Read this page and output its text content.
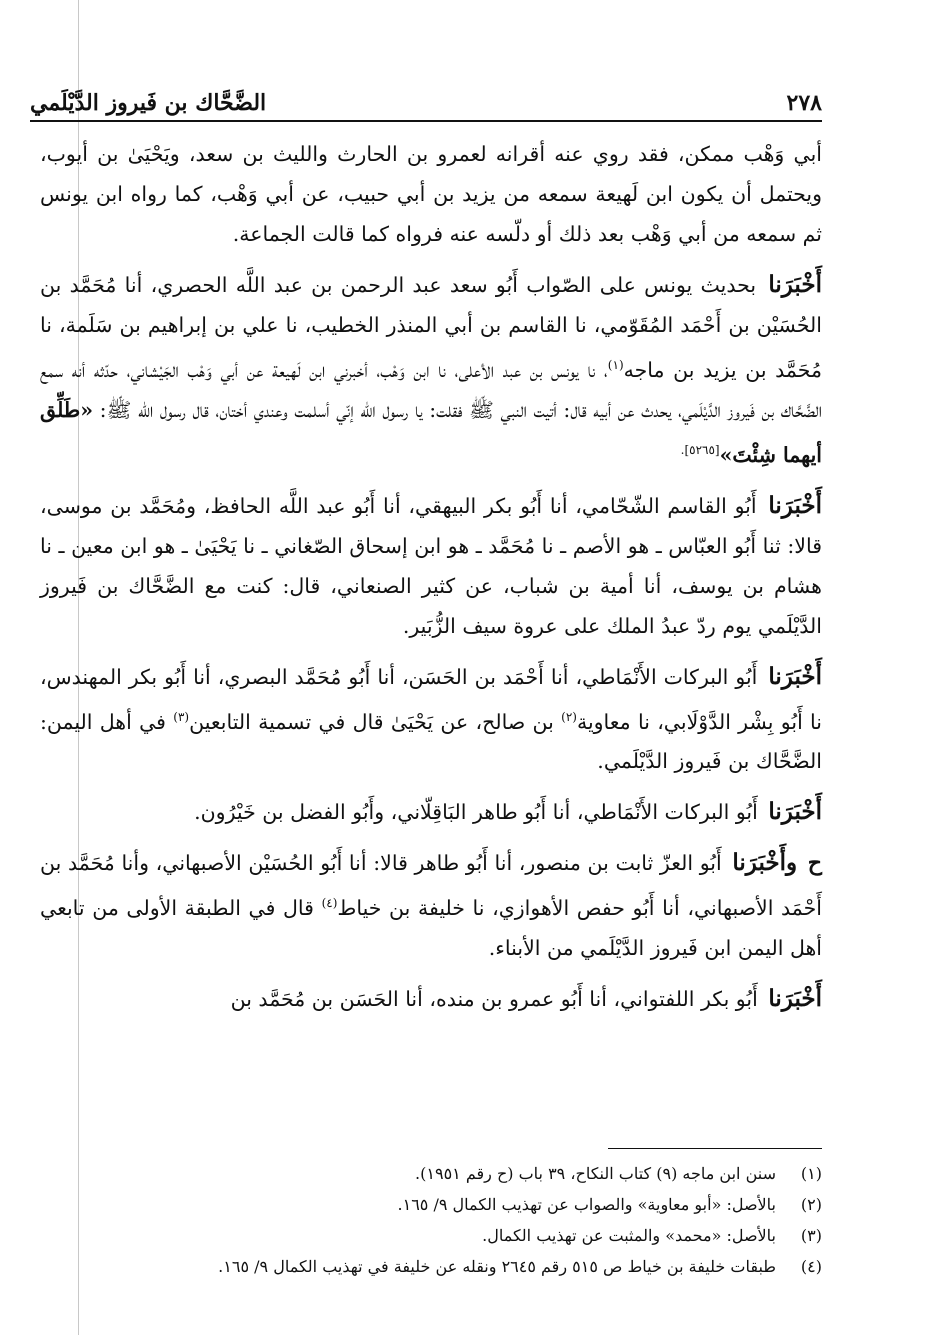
الضَّحَّاك بن فَيروز الدَّيْلَمي	٢٧٨

أبي وَهْب ممكن، فقد روي عنه أقرانه لعمرو بن الحارث والليث بن سعد، ويَحْيَىٰ بن أيوب، ويحتمل أن يكون ابن لَهيعة سمعه من يزيد بن أبي حبيب، عن أبي وَهْب، كما رواه ابن يونس ثم سمعه من أبي وَهْب بعد ذلك أو دلّسه عنه فرواه كما قالت الجماعة.

أَخْبَرَنا بحديث يونس على الصّواب أَبُو سعد عبد الرحمن بن عبد اللَّه الحصري، أنا مُحَمَّد بن الحُسَيْن بن أَحْمَد المُقَوّمي، نا القاسم بن أبي المنذر الخطيب، نا علي بن إبراهيم بن سَلَمة، نا مُحَمَّد بن يزيد بن ماجه$^{(١)}$، نا يونس بن عبد الأعلى، نا ابن وَهْب، أخبرني ابن لَهيعة عن أبي وَهْب الجَيْشاني، حدّثه أنه سمع الضَّحَّاك بن فَيروز الدَّيْلَمي، يحدث عن أبيه قال: أتيت النبي ﷺ فقلت: يا رسول الله إنّي أسلمت وعندي أختان، قال رسول الله ﷺ: «طَلِّق أيهما شِئْتَ»$^{[٥٢٦٥].}$

أَخْبَرَنا أَبُو القاسم الشّحّامي، أنا أَبُو بكر البيهقي، أنا أَبُو عبد اللَّه الحافظ، ومُحَمَّد بن موسى، قالا: ثنا أَبُو العبّاس ـ هو الأصم ـ نا مُحَمَّد ـ هو ابن إسحاق الصّغاني ـ نا يَحْيَىٰ ـ هو ابن معين ـ نا هشام بن يوسف، أنا أمية بن شباب، عن كثير الصنعاني، قال: كنت مع الضَّحَّاك بن فَيروز الدَّيْلَمي يوم ردّ عبدُ الملك على عروة سيف الزُّبَير.

أَخْبَرَنا أَبُو البركات الأَنْمَاطي، أنا أَحْمَد بن الحَسَن، أنا أَبُو مُحَمَّد البصري، أنا أَبُو بكر المهندس، نا أَبُو بِشْر الدَّوْلَابي، نا معاوية$^{(٢)}$ بن صالح، عن يَحْيَىٰ قال في تسمية التابعين$^{(٣)}$ في أهل اليمن: الضَّحَّاك بن فَيروز الدَّيْلَمي.

أَخْبَرَنا أَبُو البركات الأَنْمَاطي، أنا أَبُو طاهر البَاقِلّاني، وأَبُو الفضل بن خَيْرُون.

ح وأَخْبَرَنا أَبُو العزّ ثابت بن منصور، أنا أَبُو طاهر قالا: أنا أَبُو الحُسَيْن الأصبهاني، وأنا مُحَمَّد بن أَحْمَد الأصبهاني، أنا أَبُو حفص الأهوازي، نا خليفة بن خياط$^{(٤)}$ قال في الطبقة الأولى من تابعي أهل اليمن ابن فَيروز الدَّيْلَمي من الأبناء.

أَخْبَرَنا أَبُو بكر اللفتواني، أنا أَبُو عمرو بن منده، أنا الحَسَن بن مُحَمَّد بن

(١)
سنن ابن ماجه (٩) كتاب النكاح، ٣٩ باب (ح رقم ١٩٥١).
(٢)
بالأصل: «أبو معاوية» والصواب عن تهذيب الكمال ٩/ ١٦٥.
(٣)
بالأصل: «محمد» والمثبت عن تهذيب الكمال.
(٤)
طبقات خليفة بن خياط ص ٥١٥ رقم ٢٦٤٥ ونقله عن خليفة في تهذيب الكمال ٩/ ١٦٥.
